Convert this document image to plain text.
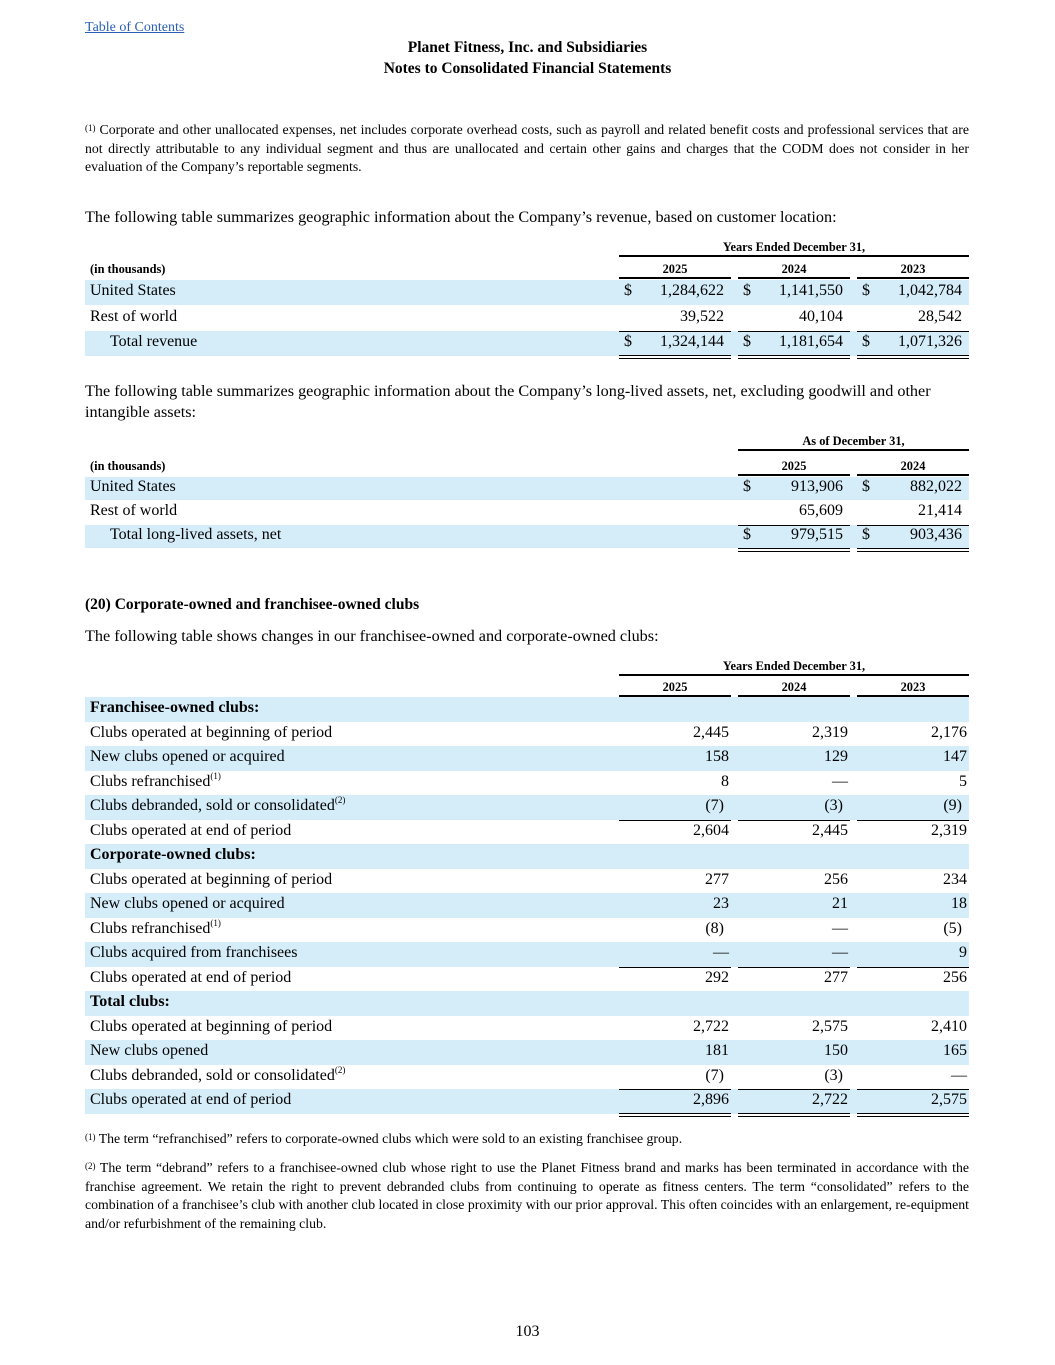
Table of Contents
Planet Fitness, Inc. and Subsidiaries
Notes to Consolidated Financial Statements
$^{(1)}$ Corporate and other unallocated expenses, net includes corporate overhead costs, such as payroll and related benefit costs and professional services that are not directly attributable to any individual segment and thus are unallocated and certain other gains and charges that the CODM does not consider in her evaluation of the Company’s reportable segments.
The following table summarizes geographic information about the Company’s revenue, based on customer location:
Years Ended December 31,
(in thousands)	2025	2024	2023
United States	$ 1,284,622 $ 1,141,550 $ 1,042,784
Rest of world	39,522	40,104	28,542
Total revenue	$ 1,324,144 $ 1,181,654 $ 1,071,326
The following table summarizes geographic information about the Company’s long-lived assets, net, excluding goodwill and other intangible assets:
As of December 31,
(in thousands)	2025	2024
United States	$	913,906 $	882,022
Rest of world	65,609	21,414
Total long-lived assets, net	$	979,515 $	903,436
(20) Corporate-owned and franchisee-owned clubs
The following table shows changes in our franchisee-owned and corporate-owned clubs:
Years Ended December 31,
2025	2024	2023
Franchisee-owned clubs:
Clubs operated at beginning of period	2,445	2,319	2,176
New clubs opened or acquired	158	129	147
Clubs refranchised$^{(1)}$	8	—	5
Clubs debranded, sold or consolidated$^{(2)}$	(7)	(3)	(9)
Clubs operated at end of period	2,604	2,445	2,319
Corporate-owned clubs:
Clubs operated at beginning of period	277	256	234
New clubs opened or acquired	23	21	18
Clubs refranchised$^{(1)}$	(8)	—	(5)
Clubs acquired from franchisees	—	—	9
Clubs operated at end of period	292	277	256
Total clubs:
Clubs operated at beginning of period	2,722	2,575	2,410
New clubs opened	181	150	165
Clubs debranded, sold or consolidated$^{(2)}$	(7)	(3)	—
Clubs operated at end of period	2,896	2,722	2,575
$^{(1)}$ The term “refranchised” refers to corporate-owned clubs which were sold to an existing franchisee group.
$^{(2)}$ The term “debrand” refers to a franchisee-owned club whose right to use the Planet Fitness brand and marks has been terminated in accordance with the franchise agreement. We retain the right to prevent debranded clubs from continuing to operate as fitness centers. The term “consolidated” refers to the combination of a franchisee’s club with another club located in close proximity with our prior approval. This often coincides with an enlargement, re-equipment and/or refurbishment of the remaining club.
103
